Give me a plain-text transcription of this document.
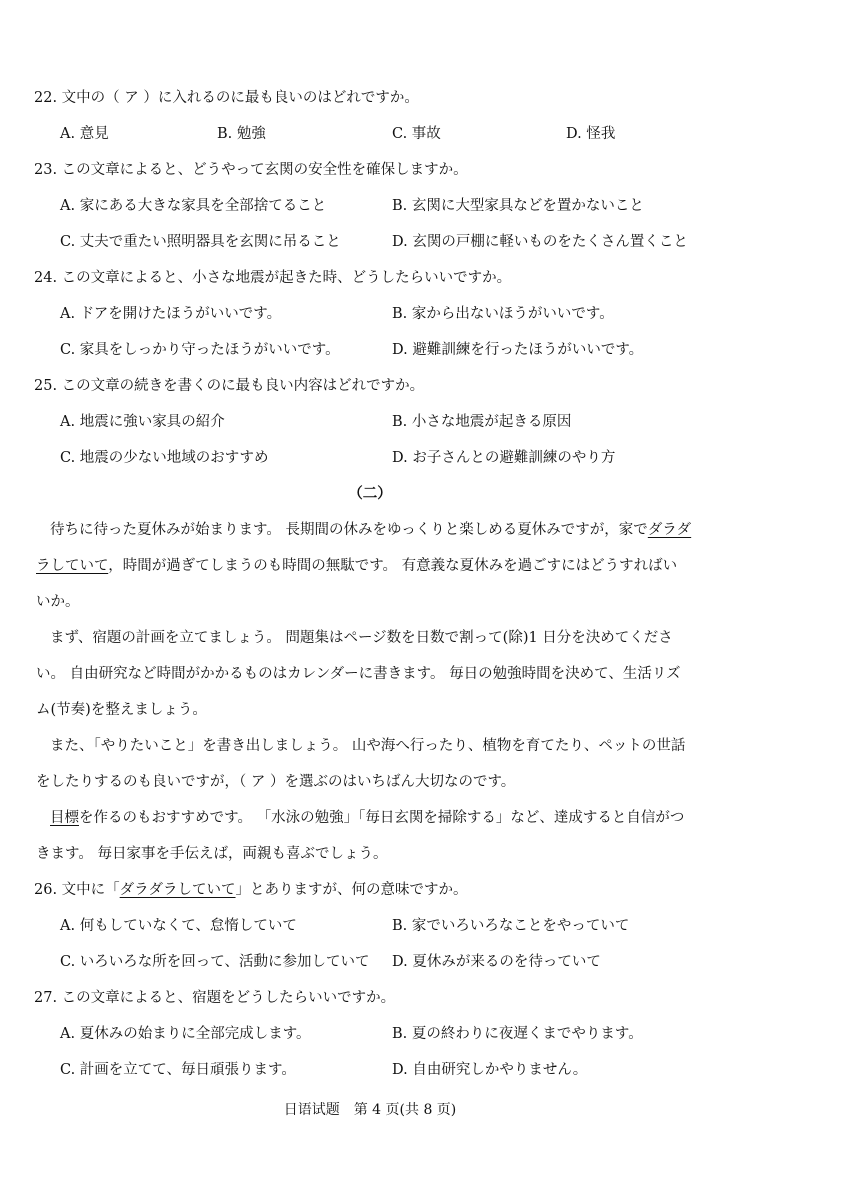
22. 文中の（ ア ）に入れるのに最も良いのはどれですか。
A. 意見	B. 勉強	C. 事故	D. 怪我
23. この文章によると、どうやって玄関の安全性を確保しますか。
A. 家にある大きな家具を全部捨てること	B. 玄関に大型家具などを置かないこと
C. 丈夫で重たい照明器具を玄関に吊ること	D. 玄関の戸棚に軽いものをたくさん置くこと
24. この文章によると、小さな地震が起きた時、どうしたらいいですか。
A. ドアを開けたほうがいいです。	B. 家から出ないほうがいいです。
C. 家具をしっかり守ったほうがいいです。	D. 避難訓練を行ったほうがいいです。
25. この文章の続きを書くのに最も良い内容はどれですか。
A. 地震に強い家具の紹介	B. 小さな地震が起きる原因
C. 地震の少ない地域のおすすめ	D. お子さんとの避難訓練のやり方
（二）
待ちに待った夏休みが始まります。 長期間の休みをゆっくりと楽しめる夏休みですが，家でダラダ
ラしていて，時間が過ぎてしまうのも時間の無駄です。 有意義な夏休みを過ごすにはどうすればい
いか。
まず、宿題の計画を立てましょう。 問題集はページ数を日数で割って(除)1 日分を決めてくださ
い。 自由研究など時間がかかるものはカレンダーに書きます。 毎日の勉強時間を決めて、生活リズ
ム(节奏)を整えましょう。
また、「やりたいこと」を書き出しましょう。 山や海へ行ったり、植物を育てたり、ペットの世話
をしたりするのも良いですが，（ ア ）を選ぶのはいちばん大切なのです。
目標を作るのもおすすめです。 「水泳の勉強」「毎日玄関を掃除する」など、達成すると自信がつ
きます。 毎日家事を手伝えば，両親も喜ぶでしょう。
26. 文中に「ダラダラしていて」とありますが、何の意味ですか。
A. 何もしていなくて、怠惰していて	B. 家でいろいろなことをやっていて
C. いろいろな所を回って、活動に参加していて D. 夏休みが来るのを待っていて
27. この文章によると、宿題をどうしたらいいですか。
A. 夏休みの始まりに全部完成します。	B. 夏の終わりに夜遅くまでやります。
C. 計画を立てて、毎日頑張ります。	D. 自由研究しかやりません。
日语试题　第 4 页(共 8 页)
